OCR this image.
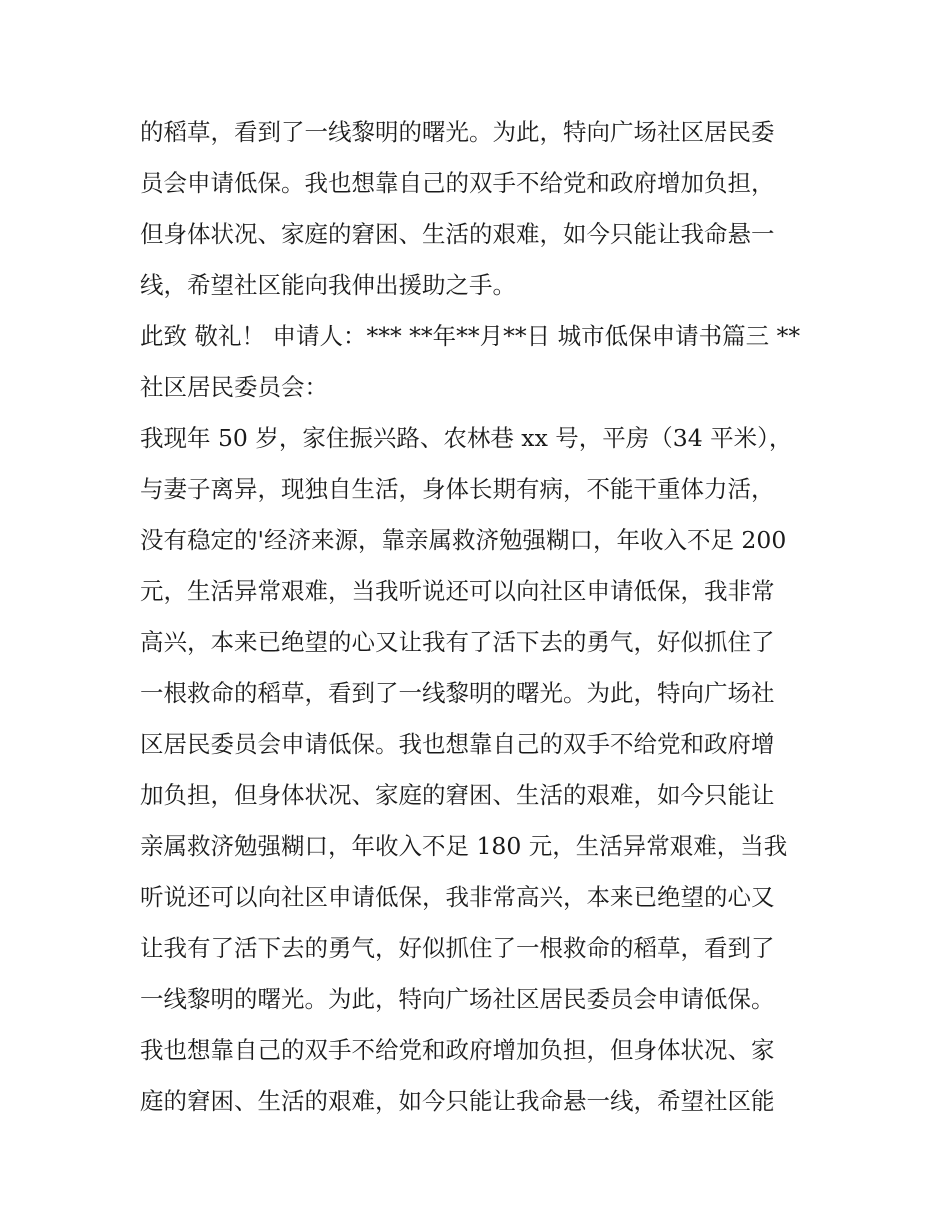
的稻草，看到了一线黎明的曙光。为此，特向广场社区居民委
员会申请低保。我也想靠自己的双手不给党和政府增加负担，
但身体状况、家庭的窘困、生活的艰难，如今只能让我命悬一
线，希望社区能向我伸出援助之手。
此致 敬礼！ 申请人：*** **年**月**日 城市低保申请书篇三 **
社区居民委员会：
我现年 50 岁，家住振兴路、农林巷 xx 号，平房（34 平米），
与妻子离异，现独自生活，身体长期有病，不能干重体力活，
没有稳定的'经济来源，靠亲属救济勉强糊口，年收入不足 200
元，生活异常艰难，当我听说还可以向社区申请低保，我非常
高兴，本来已绝望的心又让我有了活下去的勇气，好似抓住了
一根救命的稻草，看到了一线黎明的曙光。为此，特向广场社
区居民委员会申请低保。我也想靠自己的双手不给党和政府增
加负担，但身体状况、家庭的窘困、生活的艰难，如今只能让
亲属救济勉强糊口，年收入不足 180 元，生活异常艰难，当我
听说还可以向社区申请低保，我非常高兴，本来已绝望的心又
让我有了活下去的勇气，好似抓住了一根救命的稻草，看到了
一线黎明的曙光。为此，特向广场社区居民委员会申请低保。
我也想靠自己的双手不给党和政府增加负担，但身体状况、家
庭的窘困、生活的艰难，如今只能让我命悬一线，希望社区能
